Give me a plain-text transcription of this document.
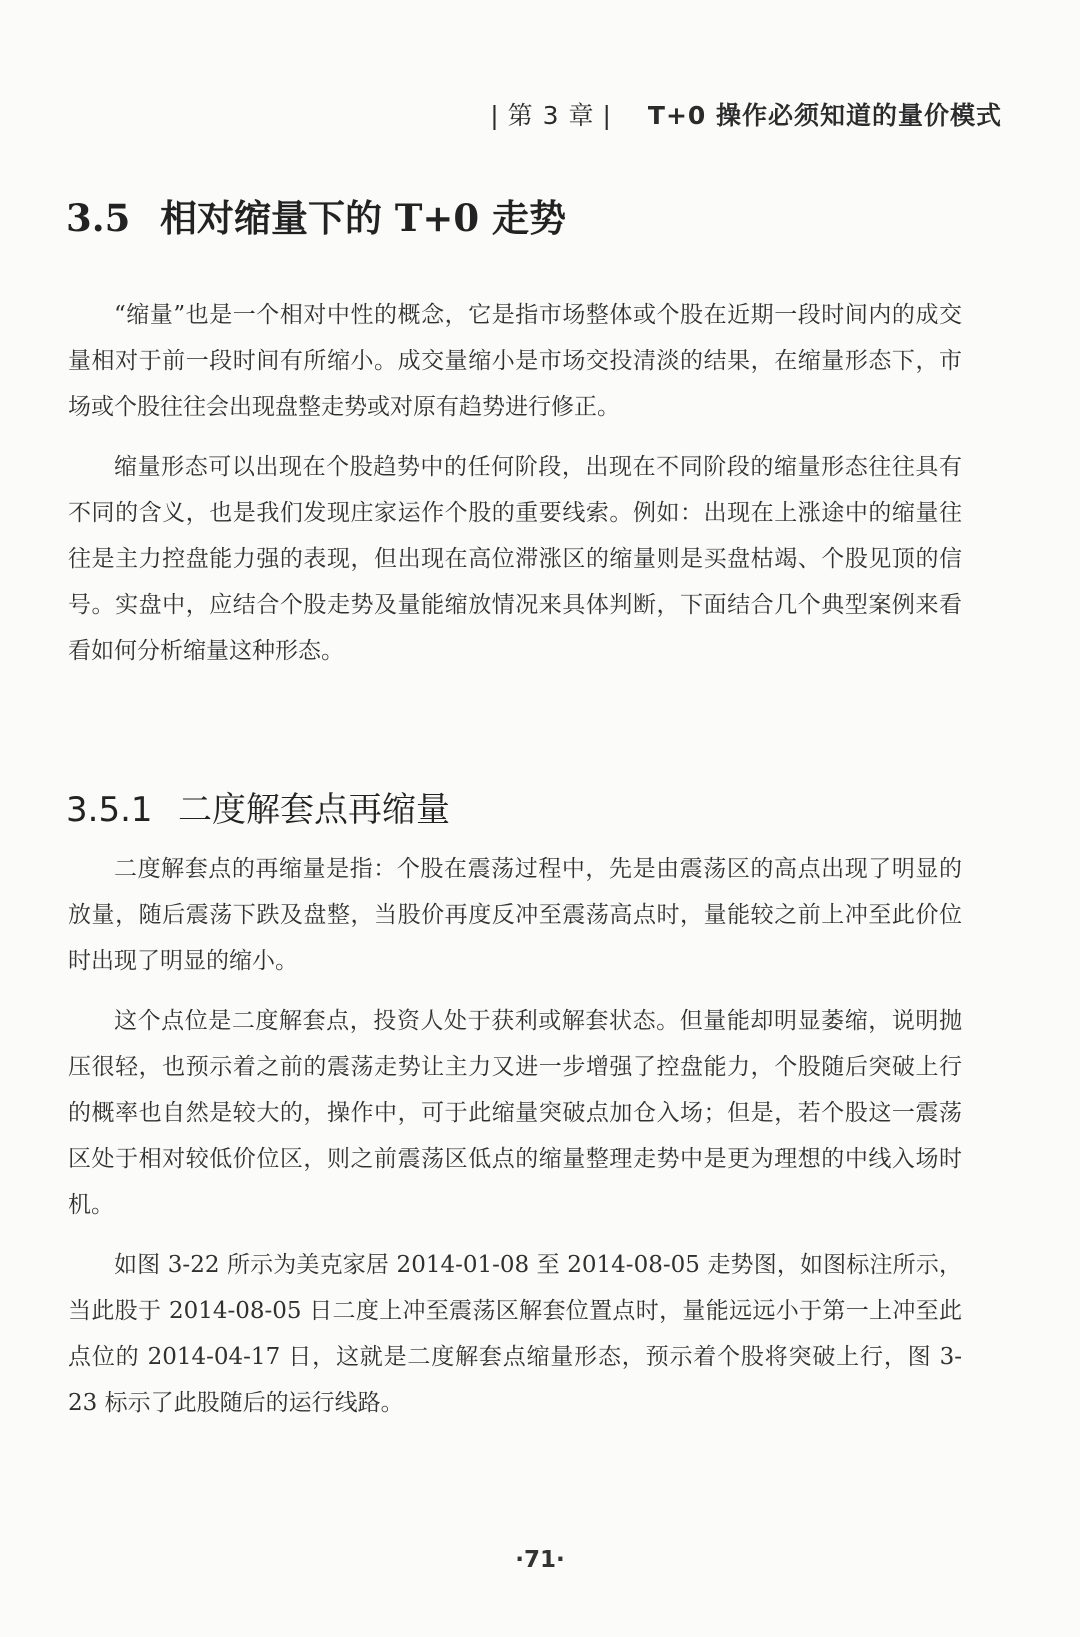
| 第 3 章 | T+0 操作必须知道的量价模式
3.5 相对缩量下的 T+0 走势

“缩量”也是一个相对中性的概念，它是指市场整体或个股在近期一段时间内的成交量相对于前一段时间有所缩小。成交量缩小是市场交投清淡的结果，在缩量形态下，市场或个股往往会出现盘整走势或对原有趋势进行修正。

缩量形态可以出现在个股趋势中的任何阶段，出现在不同阶段的缩量形态往往具有不同的含义，也是我们发现庄家运作个股的重要线索。例如：出现在上涨途中的缩量往往是主力控盘能力强的表现，但出现在高位滞涨区的缩量则是买盘枯竭、个股见顶的信号。实盘中，应结合个股走势及量能缩放情况来具体判断，下面结合几个典型案例来看看如何分析缩量这种形态。

3.5.1 二度解套点再缩量

二度解套点的再缩量是指：个股在震荡过程中，先是由震荡区的高点出现了明显的放量，随后震荡下跌及盘整，当股价再度反冲至震荡高点时，量能较之前上冲至此价位时出现了明显的缩小。

这个点位是二度解套点，投资人处于获利或解套状态。但量能却明显萎缩，说明抛压很轻，也预示着之前的震荡走势让主力又进一步增强了控盘能力，个股随后突破上行的概率也自然是较大的，操作中，可于此缩量突破点加仓入场；但是，若个股这一震荡区处于相对较低价位区，则之前震荡区低点的缩量整理走势中是更为理想的中线入场时机。

如图 3-22 所示为美克家居 2014-01-08 至 2014-08-05 走势图，如图标注所示，当此股于 2014-08-05 日二度上冲至震荡区解套位置点时，量能远远小于第一上冲至此点位的 2014-04-17 日，这就是二度解套点缩量形态，预示着个股将突破上行，图 3-23 标示了此股随后的运行线路。

·71·
